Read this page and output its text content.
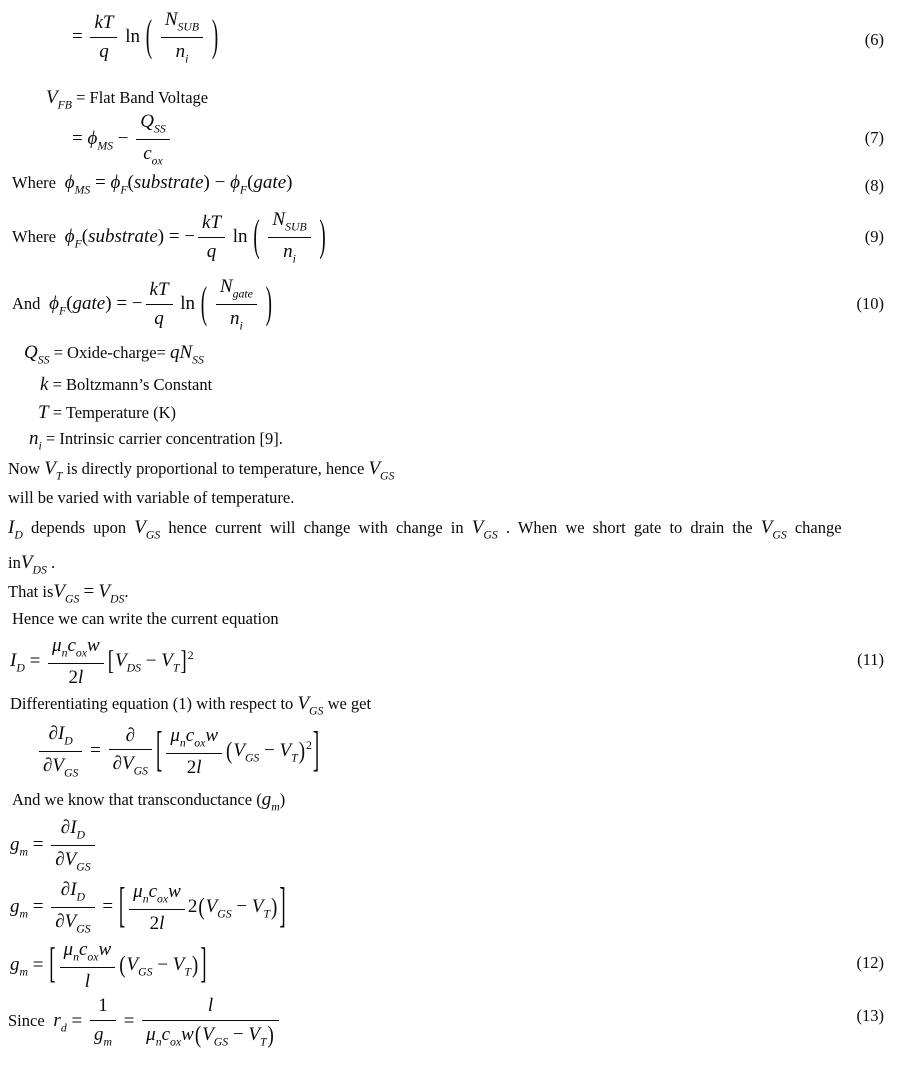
= $\frac{kT}{q}$ ln ( $\frac{N_{SUB}}{n_i}$ )	(6)
$V_{FB}$ = Flat Band Voltage
= $\phi_{MS} - \frac{Q_{SS}}{c_{ox}}$	(7)
Where $\phi_{MS}$ = $\phi_F(substrate)$ − $\phi_F(gate)$	(8)
Where $\phi_F(substrate)$ = − $\frac{kT}{q}$ ln ( $\frac{N_{SUB}}{n_i}$ )	(9)
And $\phi_F(gate)$ = − $\frac{kT}{q}$ ln ( $\frac{N_{gate}}{n_i}$ )	(10)
$Q_{SS}$ = Oxide-charge= $qN_{SS}$
k = Boltzmann’s Constant
T = Temperature (K)
$n_i$ = Intrinsic carrier concentration [9].
Now $V_T$ is directly proportional to temperature, hence $V_{GS}$
will be varied with variable of temperature.
$I_D$ depends upon $V_{GS}$ hence current will change with change in $V_{GS}$ . When we short gate to drain the $V_{GS}$ change
inV$_{DS}$ .
That $isV_{GS} = V_{DS}$.
Hence we can write the current equation
$I_D = \frac{\mu_nc_{ox}w}{2l} [V_{DS} - V_T]^2$	(11)
Differentiating equation (1) with respect to $V_{GS}$ we get
$\frac{\partial I_D}{\partial V_{GS}} = \frac{\partial}{\partial V_{GS}}$ [ $\frac{\mu_nc_{ox}w}{2l} (V_{GS} - V_T)^2$]
And we know that transconductance $(g_m)$
$g_m = \frac{\partial I_D}{\partial V_{GS}}$
$g_m = \frac{\partial I_D}{\partial V_{GS}}$ = [ $\frac{\mu_nc_{ox}w}{2l} 2(V_{GS} - V_T)$ ]
$g_m$ = [ $\frac{\mu_nc_{ox}w}{l} (V_{GS} - V_T)$ ]	(12)
Since $r_d = \frac{1}{g_m} = \frac{l}{\mu_nc_{ox}w(V_{GS} - V_T)}$	(13)
